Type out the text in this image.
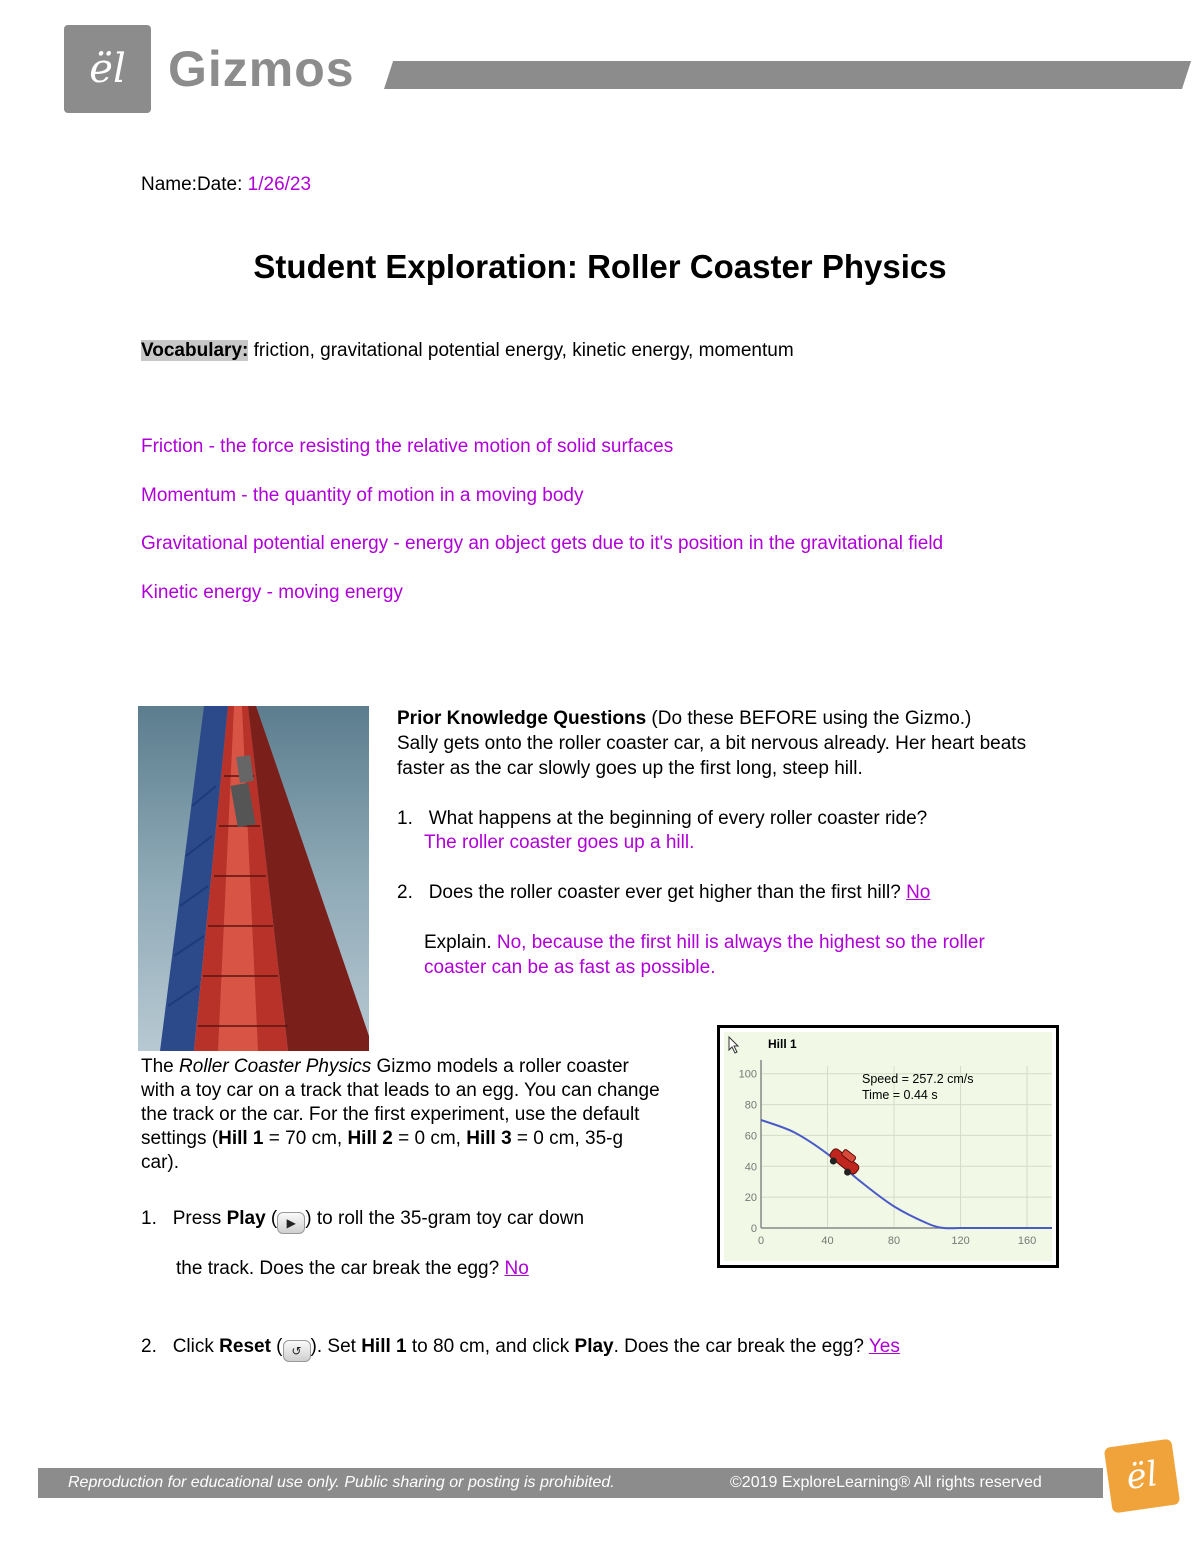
ël Gizmos
Name:Date: 1/26/23
Student Exploration: Roller Coaster Physics
Vocabulary: friction, gravitational potential energy, kinetic energy, momentum
Friction - the force resisting the relative motion of solid surfaces
Momentum - the quantity of motion in a moving body
Gravitational potential energy - energy an object gets due to it's position in the gravitational field
Kinetic energy - moving energy

Prior Knowledge Questions (Do these BEFORE using the Gizmo.)

Sally gets onto the roller coaster car, a bit nervous already. Her heart beats faster as the car slowly goes up the first long, steep hill.

1. What happens at the beginning of every roller coaster ride?
The roller coaster goes up a hill.
2. Does the roller coaster ever get higher than the first hill? No
Explain. No, because the first hill is always the highest so the roller coaster can be as fast as possible.

The Roller Coaster Physics Gizmo models a roller coaster with a toy car on a track that leads to an egg. You can change the track or the car. For the first experiment, use the default settings (Hill 1 = 70 cm, Hill 2 = 0 cm, Hill 3 = 0 cm, 35-g car).

1. Press Play ( ▶ ) to roll the 35-gram toy car down
the track. Does the car break the egg? No
2. Click Reset ( ↺ ). Set Hill 1 to 80 cm, and click Play. Does the car break the egg? Yes
100
80
60
40
20
0
0	40	80	120	160
Hill 1
Speed = 257.2 cm/s
Time = 0.44 s
Reproduction for educational use only. Public sharing or posting is prohibited.	©2019 ExploreLearning® All rights reserved ël
